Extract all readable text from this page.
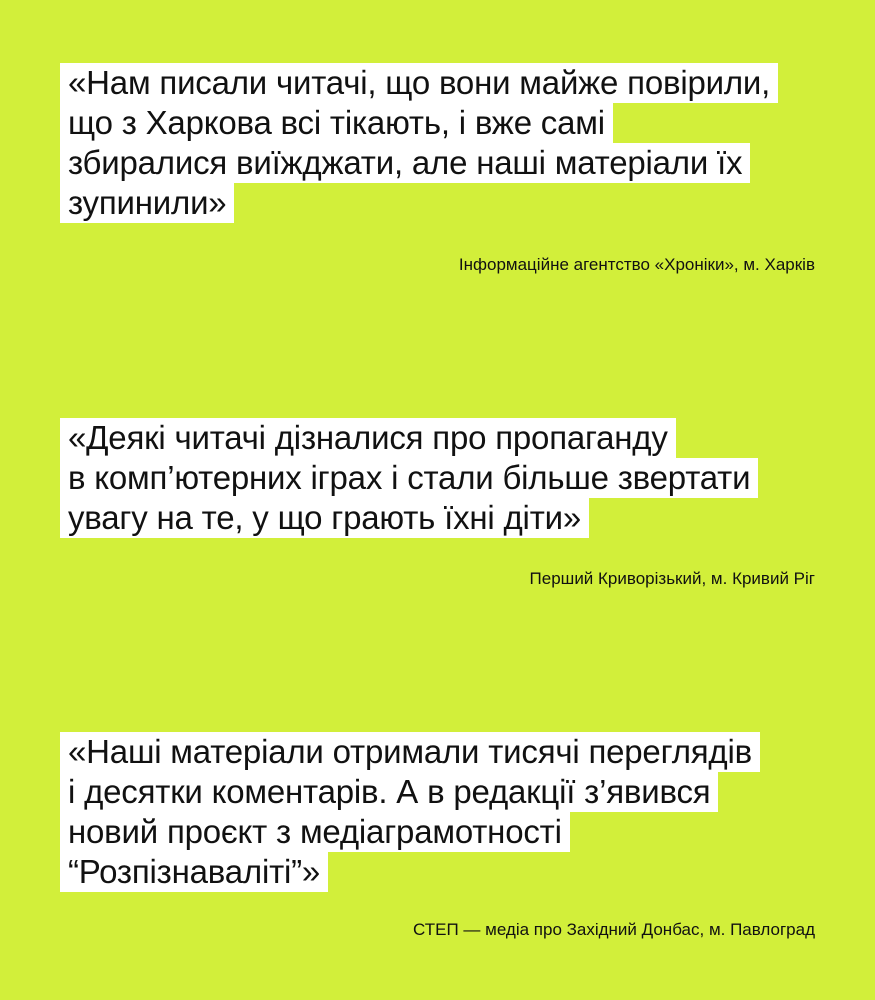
«Нам писали читачі, що вони майже повірили,
що з Харкова всі тікають, і вже самі
збиралися виїжджати, але наші матеріали їх
зупинили»
Інформаційне агентство «Хроніки», м. Харків
«Деякі читачі дізналися про пропаганду
в комп’ютерних іграх і стали більше звертати
увагу на те, у що грають їхні діти»
Перший Криворізький, м. Кривий Ріг
«Наші матеріали отримали тисячі переглядів
і десятки коментарів. А в редакції з’явився
новий проєкт з медіаграмотності
“Розпізнаваліті”»
СТЕП — медіа про Західний Донбас, м. Павлоград
